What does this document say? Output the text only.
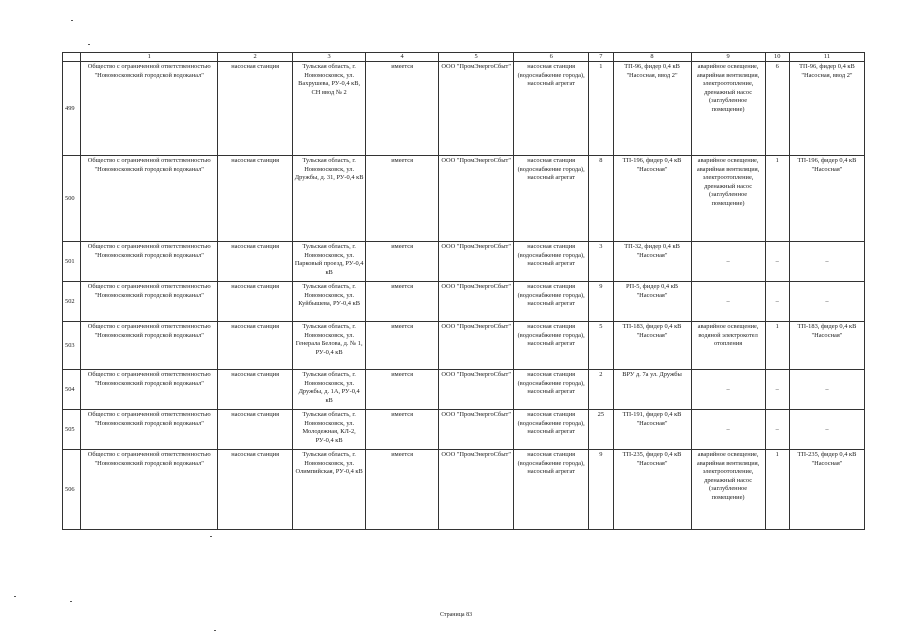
	1	2	3	4	5	6	7	8	9	10	11
499	Общество с ограниченной ответственностью "Новомосковский городской водоканал"	насосная станция	Тульская область, г. Новомосковск, ул. Вахрушева, РУ-0,4 кВ, СН ввод № 2	имеется	ООО "ПромЭнергоСбыт"	насосная станция (водоснабжение города), насосный агрегат	1	ТП-96, фидер 0,4 кВ "Насосная, ввод 2"	аварийное освещение, аварийная вентиляция, электроотопление, дренажный насос (заглубленное помещение)	6	ТП-96, фидер 0,4 кВ "Насосная, ввод 2"
500	Общество с ограниченной ответственностью "Новомосковский городской водоканал"	насосная станция	Тульская область, г. Новомосковск, ул. Дружбы, д. 31, РУ-0,4 кВ	имеется	ООО "ПромЭнергоСбыт"	насосная станция (водоснабжение города), насосный агрегат	8	ТП-196, фидер 0,4 кВ "Насосная"	аварийное освещение, аварийная вентиляция, электроотопление, дренажный насос (заглубленное помещение)	1	ТП-196, фидер 0,4 кВ "Насосная"
501	Общество с ограниченной ответственностью "Новомосковский городской водоканал"	насосная станция	Тульская область, г. Новомосковск, ул. Парковый проезд, РУ-0,4 кВ	имеется	ООО "ПромЭнергоСбыт"	насосная станция (водоснабжение города), насосный агрегат	3	ТП-32, фидер 0,4 кВ "Насосная"	–	–	–
502	Общество с ограниченной ответственностью "Новомосковский городской водоканал"	насосная станция	Тульская область, г. Новомосковск, ул. Куйбышева, РУ-0,4 кВ	имеется	ООО "ПромЭнергоСбыт"	насосная станция (водоснабжение города), насосный агрегат	9	РП-5, фидер 0,4 кВ "Насосная"	–	–	–
503	Общество с ограниченной ответственностью "Новомосковский городской водоканал"	насосная станция	Тульская область, г. Новомосковск, ул. Генерала Белова, д. № 1, РУ-0,4 кВ	имеется	ООО "ПромЭнергоСбыт"	насосная станция (водоснабжение города), насосный агрегат	5	ТП-183, фидер 0,4 кВ "Насосная"	аварийное освещение, водяной электрокотел отопления	1	ТП-183, фидер 0,4 кВ "Насосная"
504	Общество с ограниченной ответственностью "Новомосковский городской водоканал"	насосная станция	Тульская область, г. Новомосковск, ул. Дружбы, д. 1А, РУ-0,4 кВ	имеется	ООО "ПромЭнергоСбыт"	насосная станция (водоснабжение города), насосный агрегат	2	ВРУ д. 7а ул. Дружбы	–	–	–
505	Общество с ограниченной ответственностью "Новомосковский городской водоканал"	насосная станция	Тульская область, г. Новомосковск, ул. Молодежная, КЛ-2, РУ-0,4 кВ	имеется	ООО "ПромЭнергоСбыт"	насосная станция (водоснабжение города), насосный агрегат	25	ТП-191, фидер 0,4 кВ "Насосная"	–	–	–
506	Общество с ограниченной ответственностью "Новомосковский городской водоканал"	насосная станция	Тульская область, г. Новомосковск, ул. Олимпийская, РУ-0,4 кВ	имеется	ООО "ПромЭнергоСбыт"	насосная станция (водоснабжение города), насосный агрегат	9	ТП-235, фидер 0,4 кВ "Насосная"	аварийное освещение, аварийная вентиляция, электроотопление, дренажный насос (заглубленное помещение)	1	ТП-235, фидер 0,4 кВ "Насосная"
Страница 83
